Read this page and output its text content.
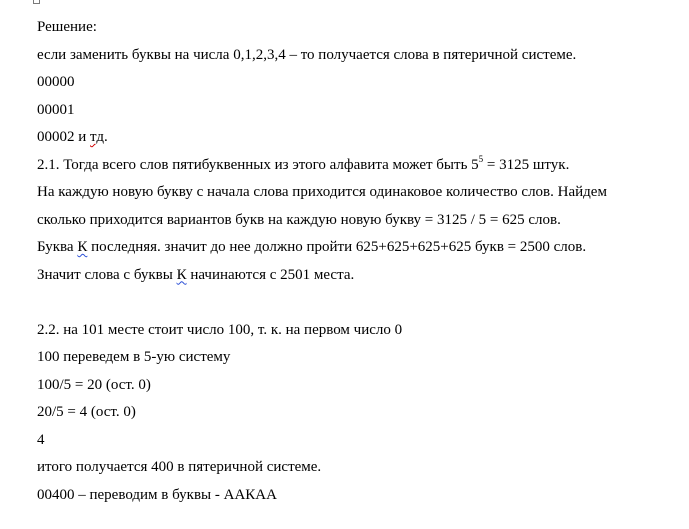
Решение:
если заменить буквы на числа 0,1,2,3,4 – то получается слова в пятеричной системе.
00000
00001
00002 и тд.
2.1. Тогда всего слов пятибуквенных из этого алфавита может быть $5^5 = 3125$ штук.
На каждую новую букву с начала слова приходится одинаковое количество слов. Найдем
сколько приходится вариантов букв на каждую новую букву = 3125 / 5 = 625 слов.
Буква К последняя. значит до нее должно пройти 625+625+625+625 букв = 2500 слов.
Значит слова с буквы К начинаются с 2501 места.
2.2. на 101 месте стоит число 100, т. к. на первом число 0
100 переведем в 5-ую систему
100/5 = 20 (ост. 0)
20/5 = 4 (ост. 0)
4
итого получается 400 в пятеричной системе.
00400 – переводим в буквы - ААКАА
